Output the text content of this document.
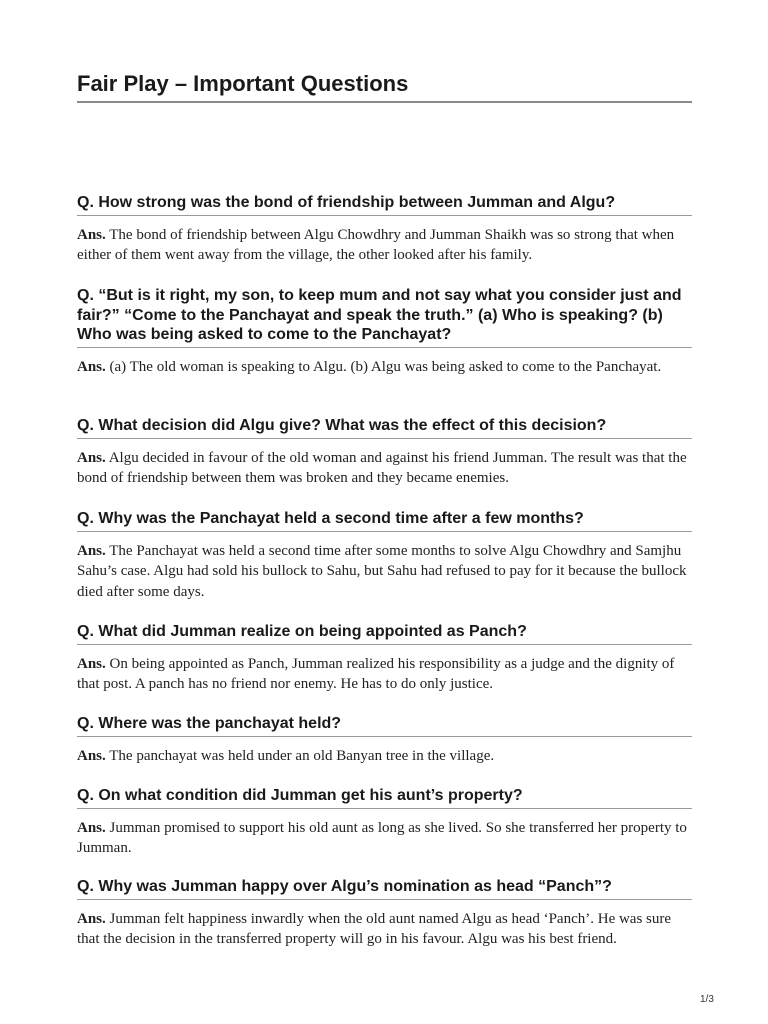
Fair Play – Important Questions
Q. How strong was the bond of friendship between Jumman and Algu?
Ans. The bond of friendship between Algu Chowdhry and Jumman Shaikh was so strong that when either of them went away from the village, the other looked after his family.
Q. “But is it right, my son, to keep mum and not say what you consider just and fair?” “Come to the Panchayat and speak the truth.” (a) Who is speaking? (b) Who was being asked to come to the Panchayat?
Ans. (a) The old woman is speaking to Algu. (b) Algu was being asked to come to the Panchayat.
Q. What decision did Algu give? What was the effect of this decision?
Ans. Algu decided in favour of the old woman and against his friend Jumman. The result was that the bond of friendship between them was broken and they became enemies.
Q. Why was the Panchayat held a second time after a few months?
Ans. The Panchayat was held a second time after some months to solve Algu Chowdhry and Samjhu Sahu’s case. Algu had sold his bullock to Sahu, but Sahu had refused to pay for it because the bullock died after some days.
Q. What did Jumman realize on being appointed as Panch?
Ans. On being appointed as Panch, Jumman realized his responsibility as a judge and the dignity of that post. A panch has no friend nor enemy. He has to do only justice.
Q. Where was the panchayat held?
Ans. The panchayat was held under an old Banyan tree in the village.
Q. On what condition did Jumman get his aunt’s property?
Ans. Jumman promised to support his old aunt as long as she lived. So she transferred her property to Jumman.
Q. Why was Jumman happy over Algu’s nomination as head “Panch”?
Ans. Jumman felt happiness inwardly when the old aunt named Algu as head ‘Panch’. He was sure that the decision in the transferred property will go in his favour. Algu was his best friend.
1/3
